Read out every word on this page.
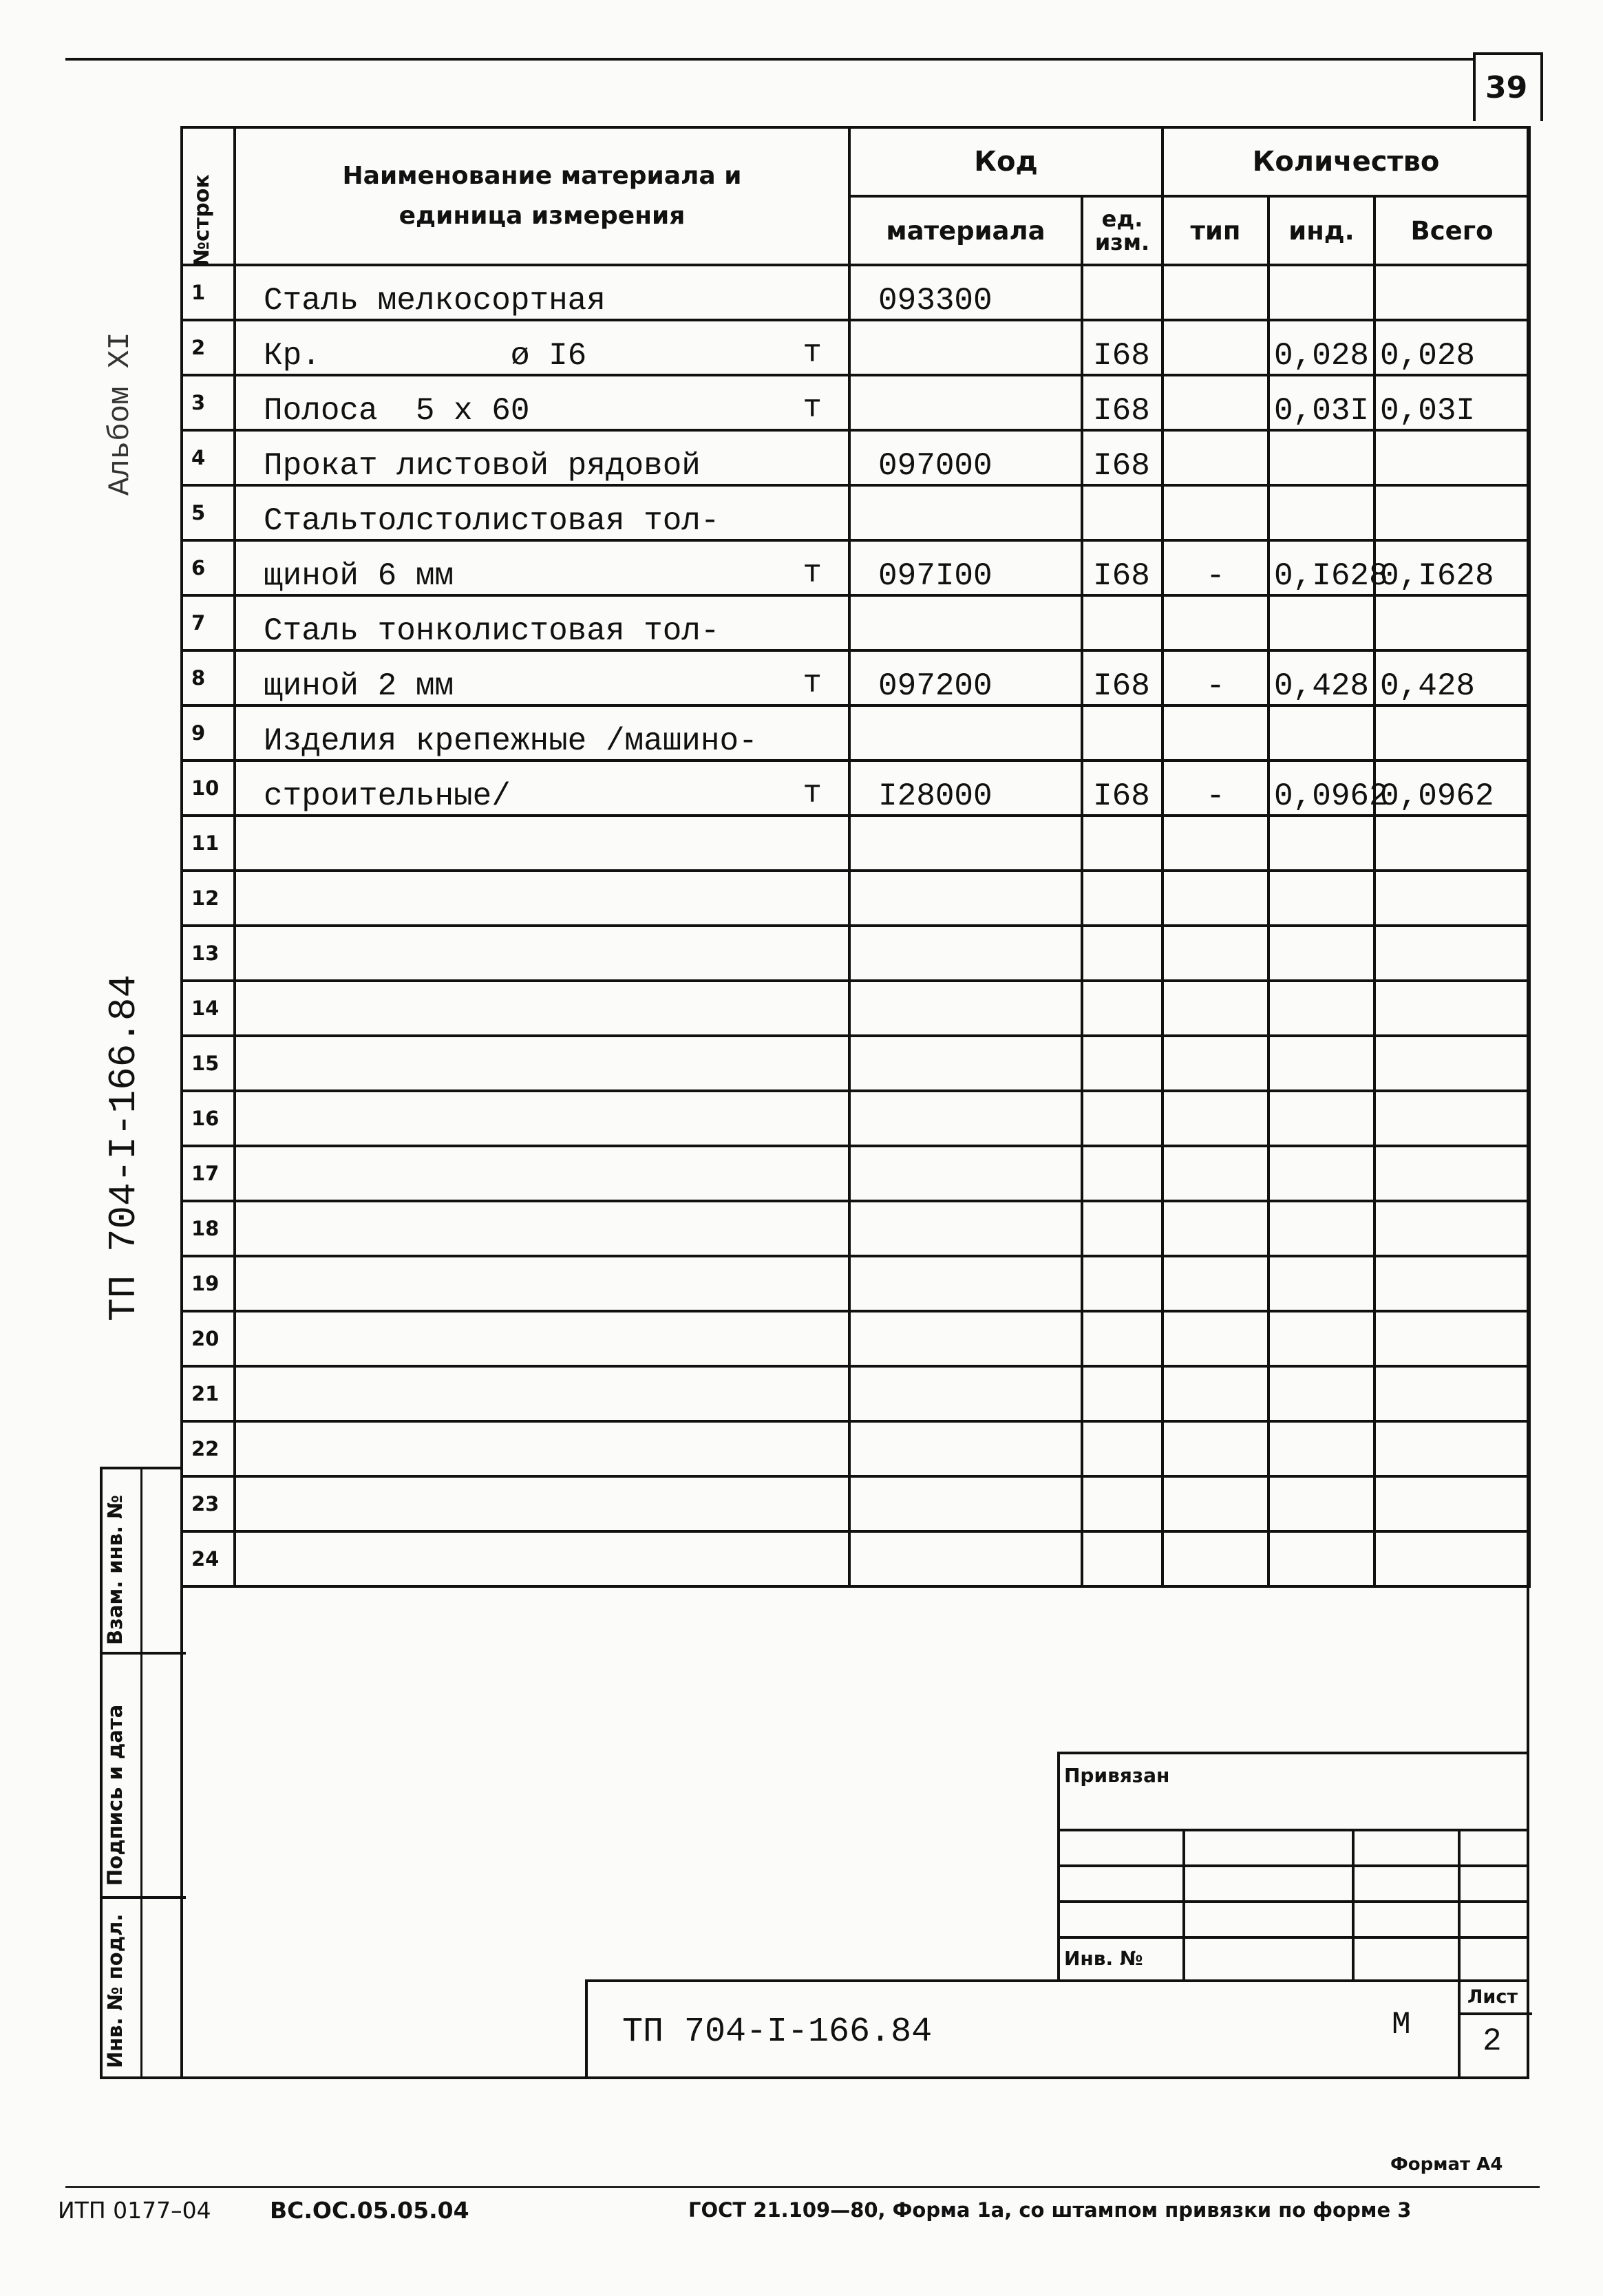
39
Взам. инв. №
Подпись и дата
Инв. № подл.
Альбом XI
ТП 704-I-166.84
№строк	Наименование материала и единица измерения	Код		Количество		
		материала	ед. изм.	тип	инд.	Всего
1	Сталь мелкосортная	093300				
2	Кр.          ø I6 т		I68		0,028	0,028
3	Полоса  5 х 60 т		I68		0,03I	0,03I
4	Прокат листовой рядовой	097000	I68			
5	Стальтолстолистовая тол-

6	щиной 6 мм т	097I00	I68	-	0,I628	0,I628
7	Сталь тонколистовая тол-

8	щиной 2 мм т	097200	I68	-	0,428	0,428
9	Изделия крепежные /машино-

10	строительные/ т	I28000	I68	-	0,0962	0,0962
11	

12	

13	

14	

15	

16	

17	

18	

19	

20	

21	

22	

23	

24	

Привязан
Инв. №
ТП 704-I-166.84	М
Лист
2
Формат А4
ИТП 0177–04	ВС.ОС.05.05.04	ГОСТ 21.109—80, Форма 1а, со штампом привязки по форме 3
